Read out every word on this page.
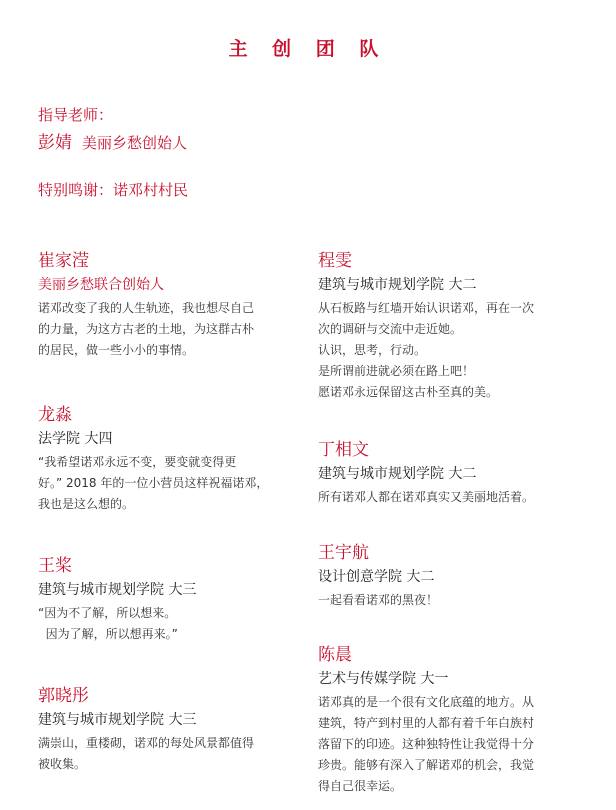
主 创 团 队
指导老师：
彭婧 美丽乡愁创始人
特别鸣谢：诺邓村村民
崔家滢
美丽乡愁联合创始人

诺邓改变了我的人生轨迹，我也想尽自己

的力量，为这方古老的土地，为这群古朴

的居民，做一些小小的事情。

龙淼
法学院 大四

“我希望诺邓永远不变，要变就变得更

好。” 2018 年的一位小营员这样祝福诺邓，

我也是这么想的。

王桨
建筑与城市规划学院 大三

“因为不了解，所以想来。

因为了解，所以想再来。”

郭晓彤
建筑与城市规划学院 大三

满崇山，重楼砌，诺邓的每处风景都值得

被收集。

程雯
建筑与城市规划学院 大二

从石板路与红墙开始认识诺邓，再在一次

次的调研与交流中走近她。

认识，思考，行动。

是所谓前进就必须在路上吧！

愿诺邓永远保留这古朴至真的美。

丁相文
建筑与城市规划学院 大二

所有诺邓人都在诺邓真实又美丽地活着。

王宇航
设计创意学院 大二

一起看看诺邓的黑夜！

陈晨
艺术与传媒学院 大一

诺邓真的是一个很有文化底蕴的地方。从

建筑，特产到村里的人都有着千年白族村

落留下的印迹。这种独特性让我觉得十分

珍贵。能够有深入了解诺邓的机会，我觉

得自己很幸运。
